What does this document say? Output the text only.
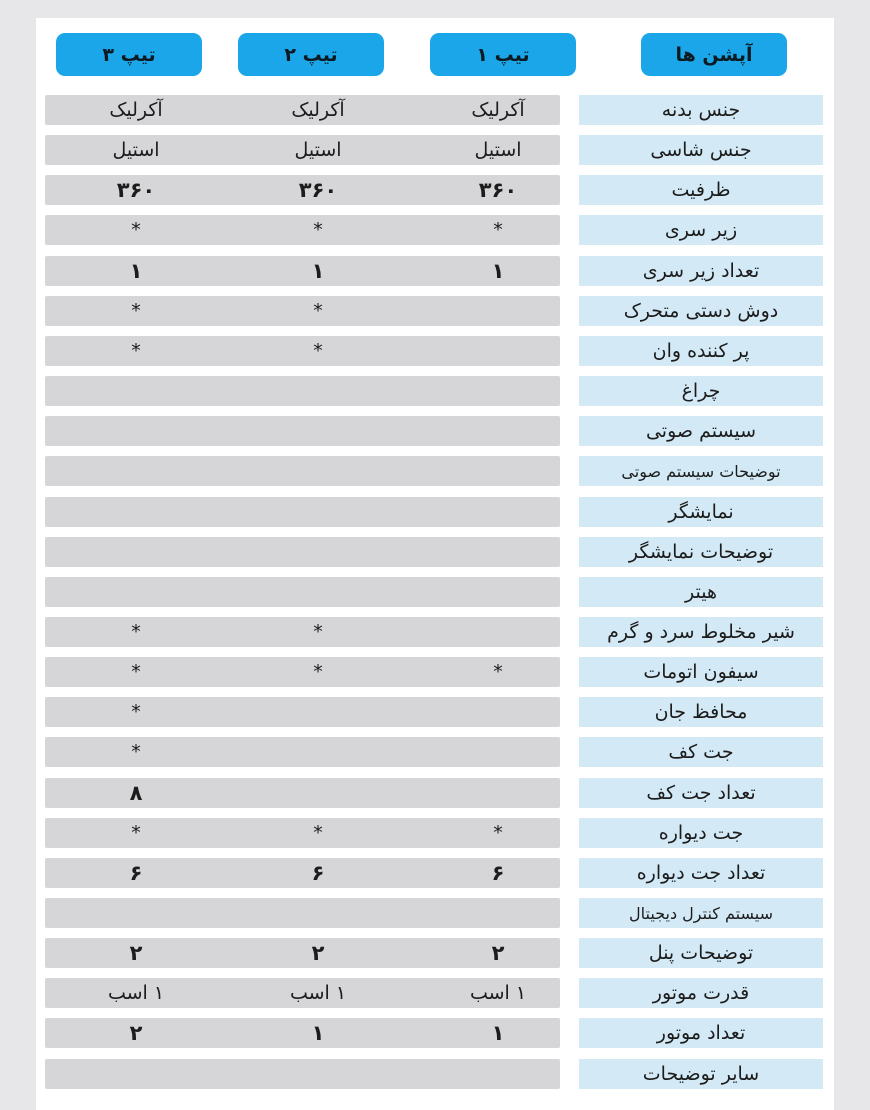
آپشن ها
تیپ ۱
تیپ ۲
تیپ ۳
جنس بدنه
آکرلیک
آکرلیک
آکرلیک
جنس شاسی
استیل
استیل
استیل
ظرفیت
۳۶۰
۳۶۰
۳۶۰
زیر سری
*
*
*
تعداد زیر سری
۱
۱
۱
دوش دستی متحرک
*
*
پر کننده وان
*
*
چراغ
سیستم صوتی
توضیحات سیستم صوتی
نمایشگر
توضیحات نمایشگر
هیتر
شیر مخلوط سرد و گرم
*
*
سیفون اتومات
*
*
*
محافظ جان
*
جت کف
*
تعداد جت کف
۸
جت دیواره
*
*
*
تعداد جت دیواره
۶
۶
۶
سیستم کنترل دیجیتال
توضیحات پنل
۲
۲
۲
قدرت موتور
۱ اسب
۱ اسب
۱ اسب
تعداد موتور
۱
۱
۲
سایر توضیحات
